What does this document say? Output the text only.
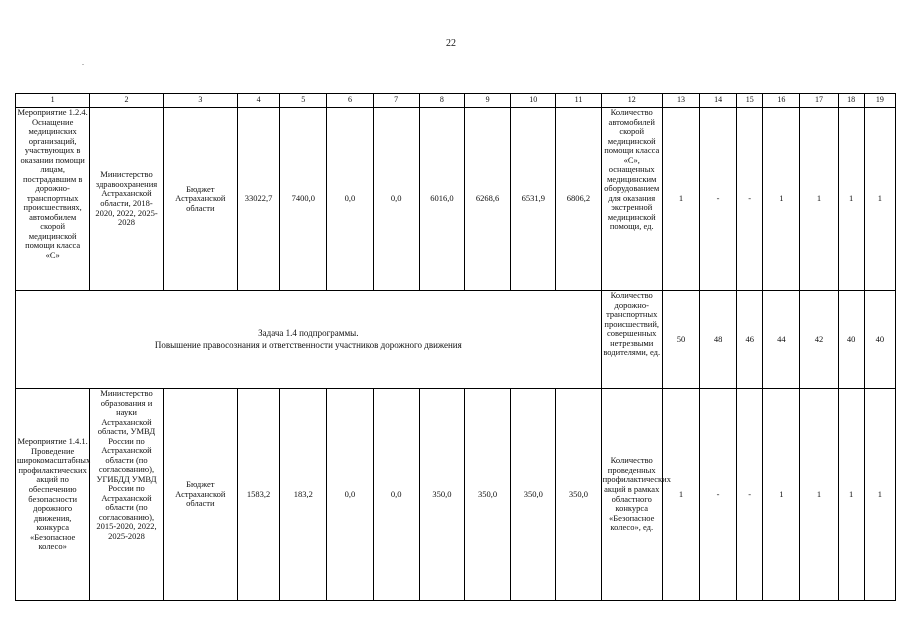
22
.
1	2	3	4	5	6	7	8	9	10	11	12	13	14	15	16	17	18	19
Мероприятие 1.2.4. Оснащение медицинских организаций, участвующих в оказании помощи лицам, пострадавшим в дорожно-транспортных происшествиях, автомобилем скорой медицинской помощи класса «С»	Министерство здравоохранения Астраханской области, 2018-2020, 2022, 2025-2028	Бюджет Астраханской области	33022,7	7400,0	0,0	0,0	6016,0	6268,6	6531,9	6806,2	Количество автомобилей скорой медицинской помощи класса «С», оснащенных медицинским оборудованием для оказания экстренной медицинской помощи, ед.	1	-	-	1	1	1	1

Задача 1.4 подпрограммы.
Повышение правосознания и ответственности участников дорожного движения											Количество дорожно-транспортных происшествий, совершенных нетрезвыми водителями, ед.	50	48	46	44	42	40	40
Мероприятие 1.4.1. Проведение широкомасштабных профилактических акций по обеспечению безопасности дорожного движения, конкурса «Безопасное колесо»	Министерство образования и науки Астраханской области, УМВД России по Астраханской области (по согласованию), УГИБДД УМВД России по Астраханской области (по согласованию), 2015-2020, 2022, 2025-2028	Бюджет Астраханской области	1583,2	183,2	0,0	0,0	350,0	350,0	350,0	350,0	Количество проведенных профилактических акций в рамках областного конкурса «Безопасное колесо», ед.	1	-	-	1	1	1	1
